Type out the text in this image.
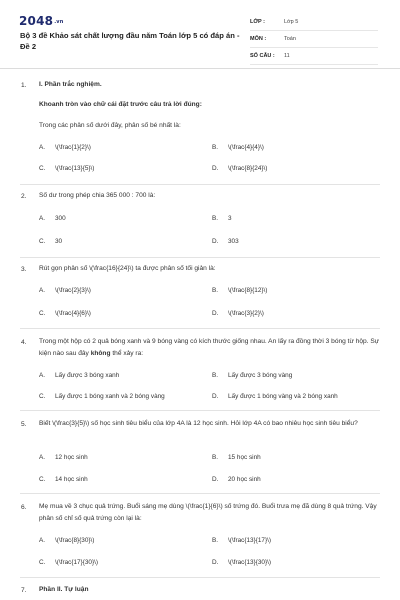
2048.vn
Bộ 3 đề Khảo sát chất lượng đầu năm Toán lớp 5 có đáp án - Đề 2
LỚP :	Lớp 5
MÔN :	Toán
SỐ CÂU :	11
1. I. Phần trắc nghiệm.
Khoanh tròn vào chữ cái đặt trước câu trả lời đúng:
Trong các phân số dưới đây, phân số bé nhất là:
A. \(\frac{1}{2}\)	B. \(\frac{4}{4}\)
C. \(\frac{13}{5}\)	D. \(\frac{8}{24}\)
2. Số dư trong phép chia 365 000 : 700 là:
A. 300	B. 3
C. 30	D. 303
3. Rút gọn phân số \(\frac{16}{24}\) ta được phân số tối giản là:
A. \(\frac{2}{3}\)	B. \(\frac{8}{12}\)
C. \(\frac{4}{6}\)	D. \(\frac{3}{2}\)
4. Trong một hộp có 2 quả bóng xanh và 9 bóng vàng có kích thước giống nhau. An lấy ra đồng thời 3 bóng từ hộp. Sự kiện nào sau đây không thể xảy ra:
A. Lấy được 3 bóng xanh	B. Lấy được 3 bóng vàng
C. Lấy được 1 bóng xanh và 2 bóng vàng	D. Lấy được 1 bóng vàng và 2 bóng xanh
5. Biết \(\frac{3}{5}\) số học sinh tiêu biểu của lớp 4A là 12 học sinh. Hỏi lớp 4A có bao nhiêu học sinh tiêu biểu?
A. 12 học sinh	B. 15 học sinh
C. 14 học sinh	D. 20 học sinh
6. Mẹ mua về 3 chục quả trứng. Buổi sáng mẹ dùng \(\frac{1}{6}\) số trứng đó. Buổi trưa mẹ đã dùng 8 quả trứng. Vậy phân số chỉ số quả trứng còn lại là:
A. \(\frac{8}{30}\)	B. \(\frac{13}{17}\)
C. \(\frac{17}{30}\)	D. \(\frac{13}{30}\)
7. Phần II. Tự luận
